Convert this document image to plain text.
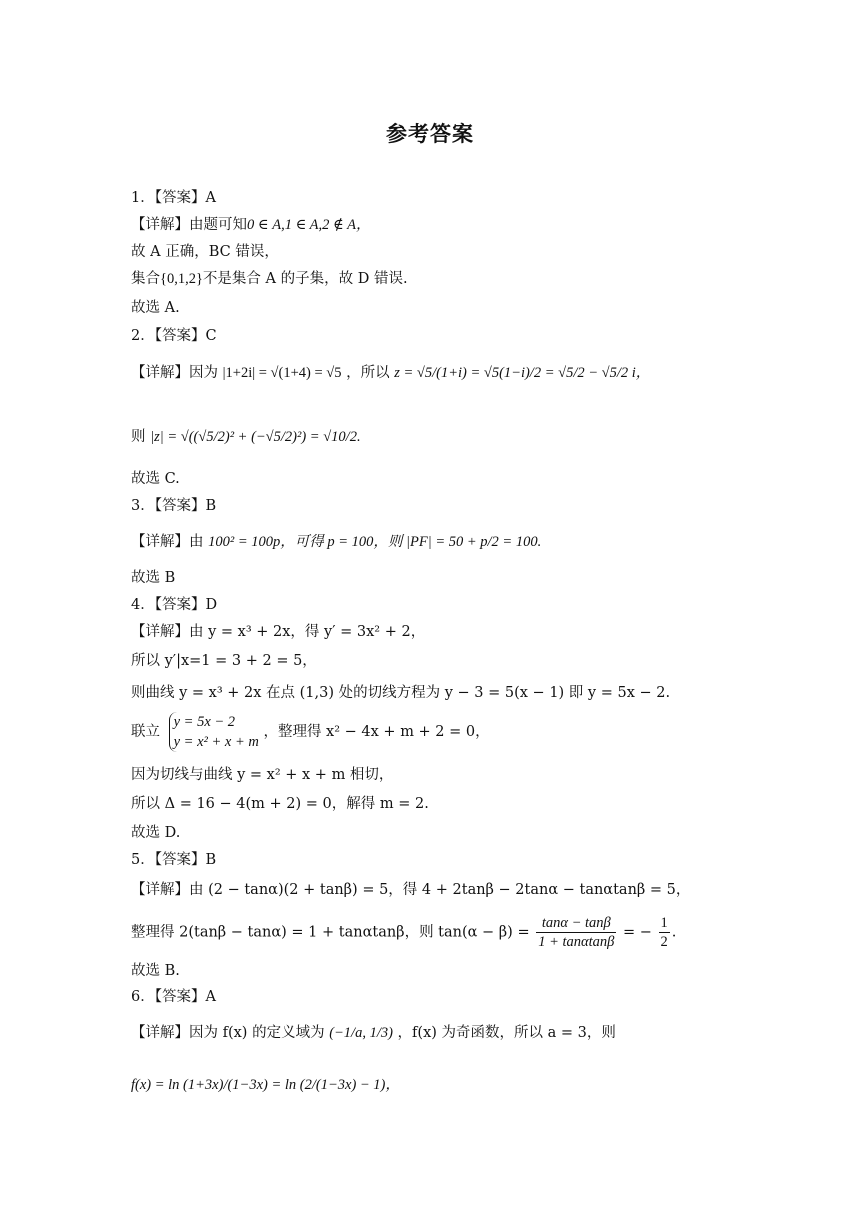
参考答案
1．【答案】A
【详解】由题可知0 ∈ A,1 ∈ A,2 ∉ A，
故 A 正确，BC 错误，
集合{0,1,2}不是集合 A 的子集，故 D 错误.
故选 A.
2．【答案】C
【详解】因为 |1+2i| = √(1+4) = √5 ，所以 z = √5/(1+i) = √5(1−i)/2 = √5/2 − √5/2 i，
则 |z| = √((√5/2)² + (−√5/2)²) = √10/2.
故选 C.
3．【答案】B
【详解】由 100² = 100p，可得 p = 100，则 |PF| = 50 + p/2 = 100.
故选 B
4．【答案】D
【详解】由 y = x³ + 2x，得 y′ = 3x² + 2，
所以 y′|x=1 = 3 + 2 = 5，
则曲线 y = x³ + 2x 在点 (1,3) 处的切线方程为 y − 3 = 5(x − 1) 即 y = 5x − 2.
联立
y = 5x − 2
y = x² + x + m
，整理得 x² − 4x + m + 2 = 0，
因为切线与曲线 y = x² + x + m 相切，
所以 Δ = 16 − 4(m + 2) = 0，解得 m = 2.
故选 D.
5．【答案】B
【详解】由 (2 − tanα)(2 + tanβ) = 5，得 4 + 2tanβ − 2tanα − tanαtanβ = 5，
整理得 2(tanβ − tanα) = 1 + tanαtanβ，则 $\tan(\alpha - \beta) = \frac{\tan\alpha - \tan\beta}{1 + \tan\alpha\tan\beta}$ = − $\frac{1}{2}$ .
故选 B.
6．【答案】A
【详解】因为 f(x) 的定义域为 (−1/a, 1/3) ，f(x) 为奇函数，所以 a = 3，则
f(x) = ln (1+3x)/(1−3x) = ln (2/(1−3x) − 1)，
